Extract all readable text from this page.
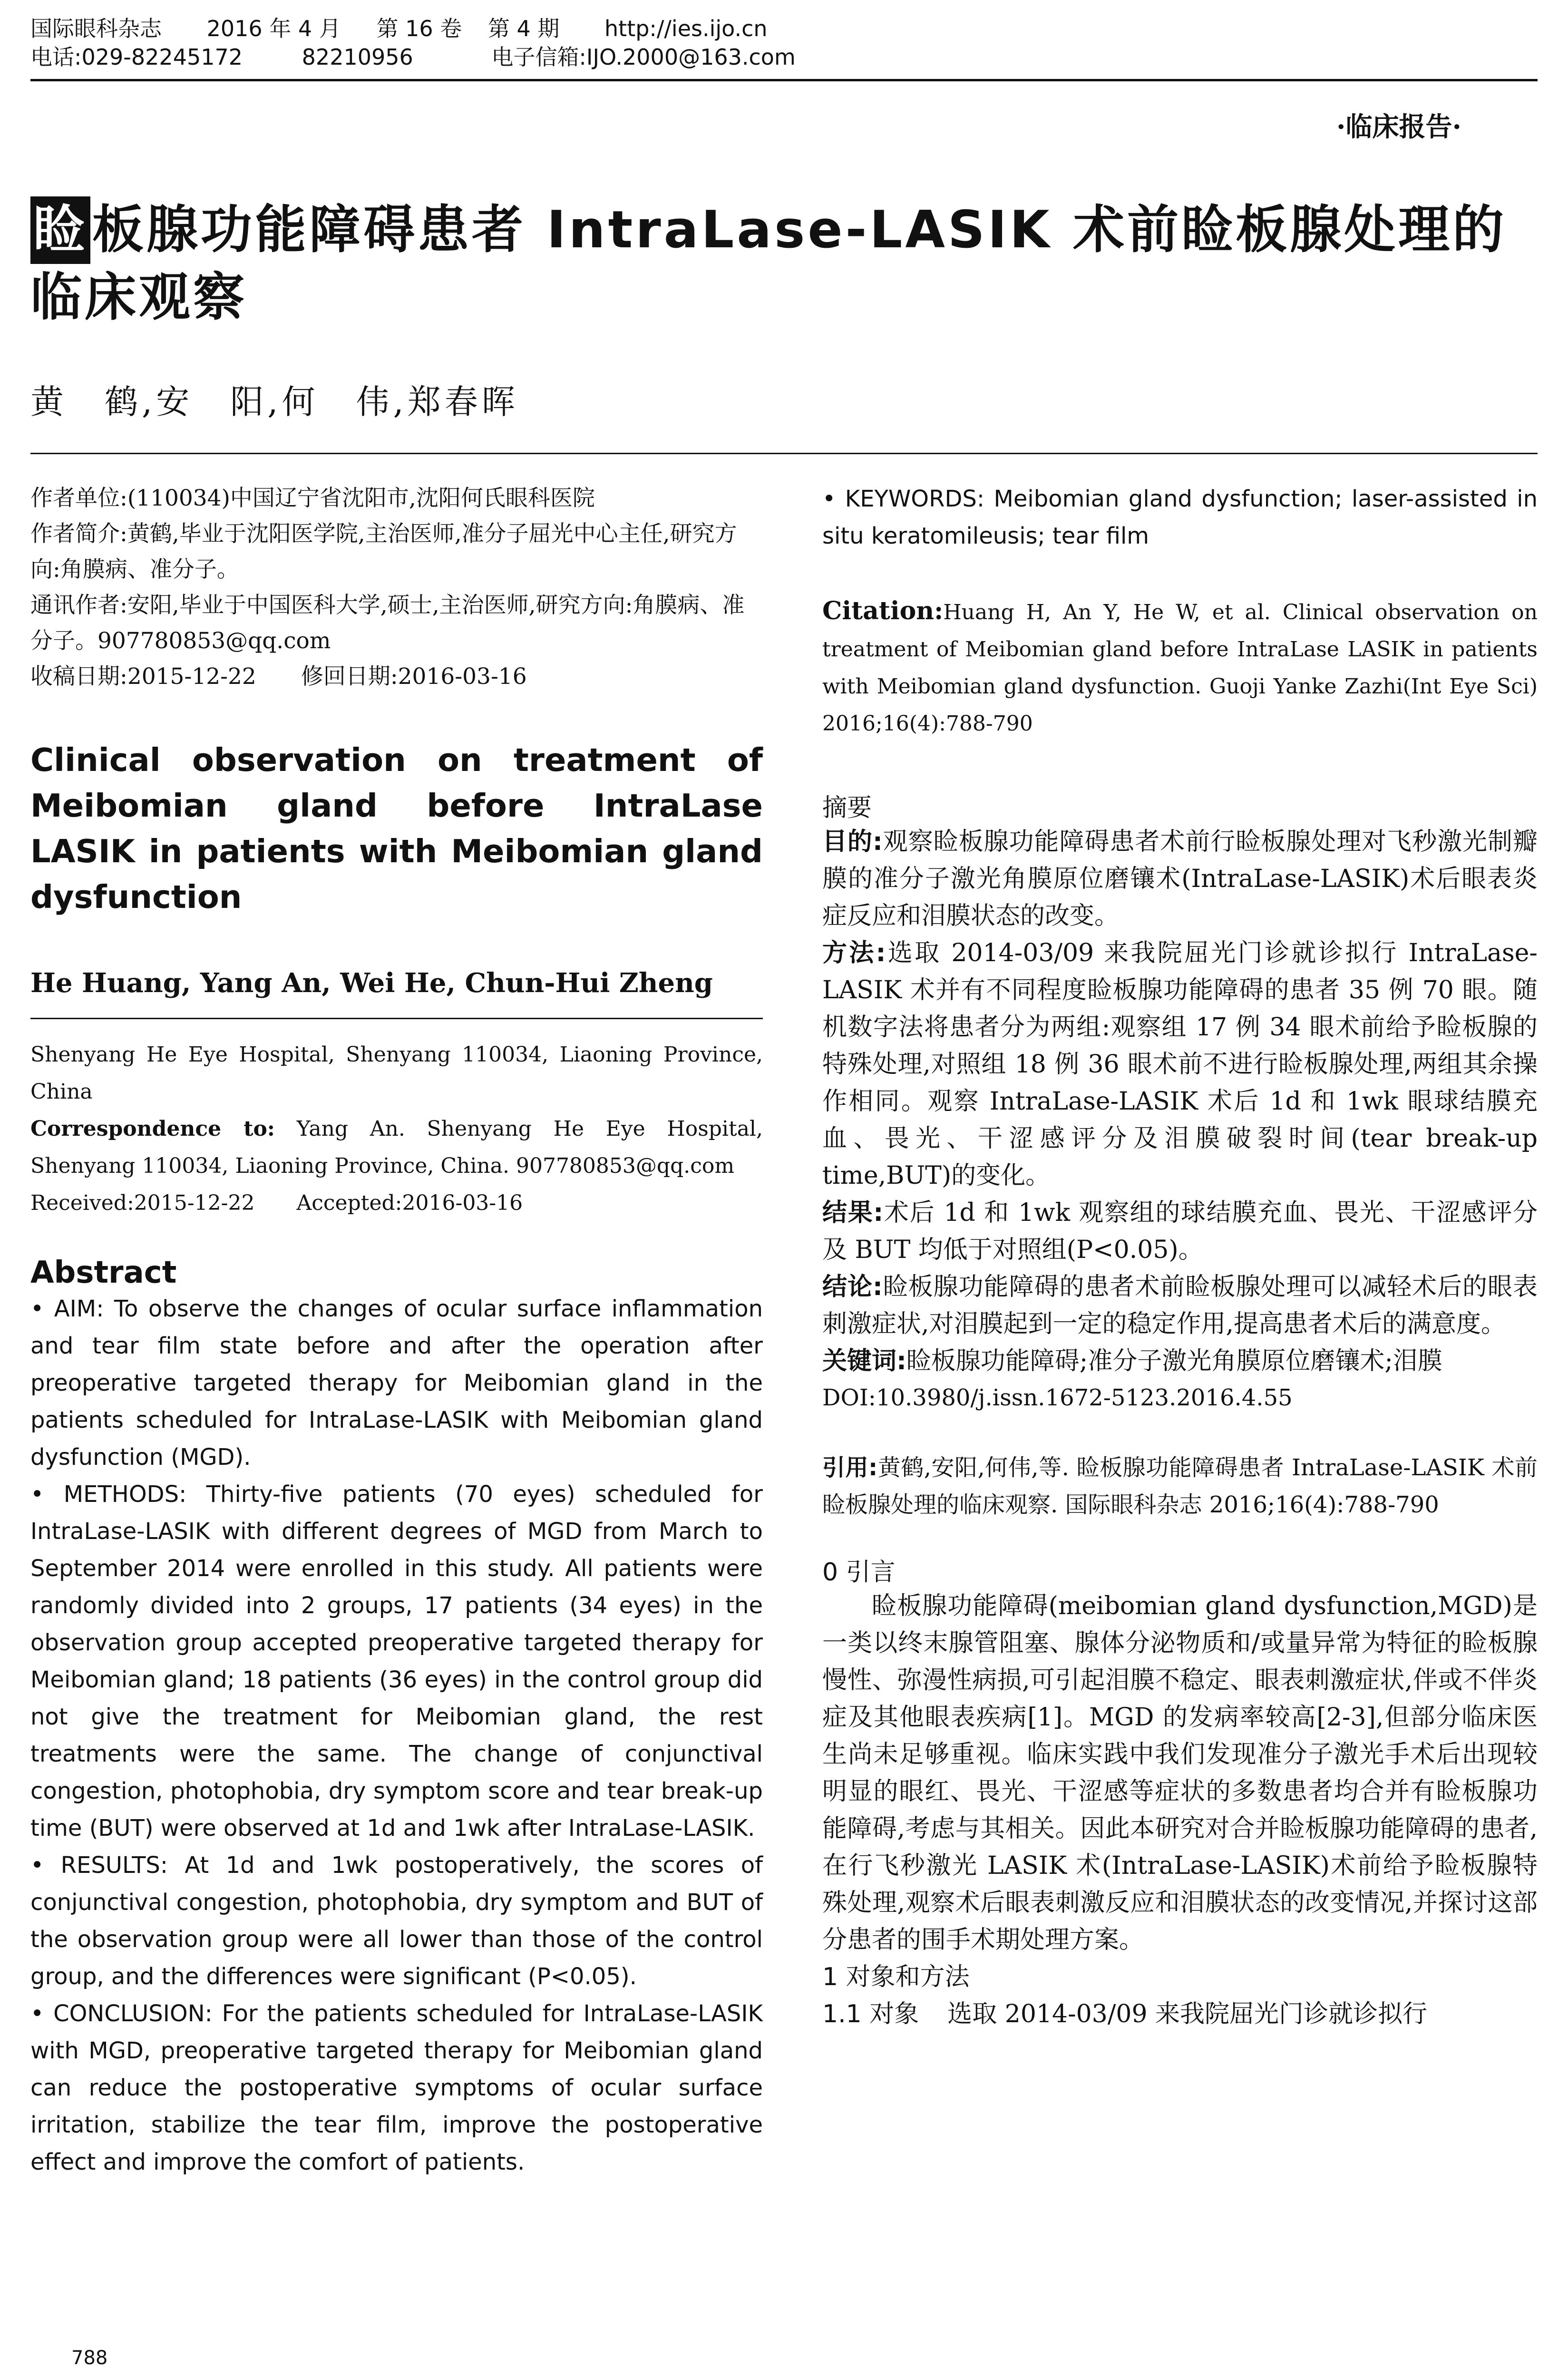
国际眼科杂志 2016 年 4 月 第 16 卷 第 4 期 http://ies.ijo.cn
电话:029-82245172	82210956	电子信箱:IJO.2000@163.com
·临床报告·
睑板腺功能障碍患者 IntraLase-LASIK 术前睑板腺处理的临床观察
黄　鹤,安　阳,何　伟,郑春晖
作者单位:(110034)中国辽宁省沈阳市,沈阳何氏眼科医院
作者简介:黄鹤,毕业于沈阳医学院,主治医师,准分子屈光中心主任,研究方向:角膜病、准分子。
通讯作者:安阳,毕业于中国医科大学,硕士,主治医师,研究方向:角膜病、准分子。907780853@qq.com
收稿日期:2015-12-22　　修回日期:2016-03-16
Clinical observation on treatment of Meibomian gland before IntraLase LASIK in patients with Meibomian gland dysfunction
He Huang, Yang An, Wei He, Chun-Hui Zheng
Shenyang He Eye Hospital, Shenyang 110034, Liaoning Province, China
Correspondence to: Yang An. Shenyang He Eye Hospital, Shenyang 110034, Liaoning Province, China. 907780853@qq.com
Received:2015-12-22　　Accepted:2016-03-16
Abstract

• AIM: To observe the changes of ocular surface inflammation and tear film state before and after the operation after preoperative targeted therapy for Meibomian gland in the patients scheduled for IntraLase-LASIK with Meibomian gland dysfunction (MGD).

• METHODS: Thirty-five patients (70 eyes) scheduled for IntraLase-LASIK with different degrees of MGD from March to September 2014 were enrolled in this study. All patients were randomly divided into 2 groups, 17 patients (34 eyes) in the observation group accepted preoperative targeted therapy for Meibomian gland; 18 patients (36 eyes) in the control group did not give the treatment for Meibomian gland, the rest treatments were the same. The change of conjunctival congestion, photophobia, dry symptom score and tear break-up time (BUT) were observed at 1d and 1wk after IntraLase-LASIK.

• RESULTS: At 1d and 1wk postoperatively, the scores of conjunctival congestion, photophobia, dry symptom and BUT of the observation group were all lower than those of the control group, and the differences were significant (P<0.05).

• CONCLUSION: For the patients scheduled for IntraLase-LASIK with MGD, preoperative targeted therapy for Meibomian gland can reduce the postoperative symptoms of ocular surface irritation, stabilize the tear film, improve the postoperative effect and improve the comfort of patients.

• KEYWORDS: Meibomian gland dysfunction; laser-assisted in situ keratomileusis; tear film
Citation:Huang H, An Y, He W, et al. Clinical observation on treatment of Meibomian gland before IntraLase LASIK in patients with Meibomian gland dysfunction. Guoji Yanke Zazhi(Int Eye Sci) 2016;16(4):788-790
摘要

目的:观察睑板腺功能障碍患者术前行睑板腺处理对飞秒激光制瓣膜的准分子激光角膜原位磨镶术(IntraLase-LASIK)术后眼表炎症反应和泪膜状态的改变。

方法:选取 2014-03/09 来我院屈光门诊就诊拟行 IntraLase-LASIK 术并有不同程度睑板腺功能障碍的患者 35 例 70 眼。随机数字法将患者分为两组:观察组 17 例 34 眼术前给予睑板腺的特殊处理,对照组 18 例 36 眼术前不进行睑板腺处理,两组其余操作相同。观察 IntraLase-LASIK 术后 1d 和 1wk 眼球结膜充血、畏光、干涩感评分及泪膜破裂时间(tear break-up time,BUT)的变化。

结果:术后 1d 和 1wk 观察组的球结膜充血、畏光、干涩感评分及 BUT 均低于对照组(P<0.05)。

结论:睑板腺功能障碍的患者术前睑板腺处理可以减轻术后的眼表刺激症状,对泪膜起到一定的稳定作用,提高患者术后的满意度。

关键词:睑板腺功能障碍;准分子激光角膜原位磨镶术;泪膜

DOI:10.3980/j.issn.1672-5123.2016.4.55
引用:黄鹤,安阳,何伟,等. 睑板腺功能障碍患者 IntraLase-LASIK 术前睑板腺处理的临床观察. 国际眼科杂志 2016;16(4):788-790
0 引言

睑板腺功能障碍(meibomian gland dysfunction,MGD)是一类以终末腺管阻塞、腺体分泌物质和/或量异常为特征的睑板腺慢性、弥漫性病损,可引起泪膜不稳定、眼表刺激症状,伴或不伴炎症及其他眼表疾病[1]。MGD 的发病率较高[2-3],但部分临床医生尚未足够重视。临床实践中我们发现准分子激光手术后出现较明显的眼红、畏光、干涩感等症状的多数患者均合并有睑板腺功能障碍,考虑与其相关。因此本研究对合并睑板腺功能障碍的患者,在行飞秒激光 LASIK 术(IntraLase-LASIK)术前给予睑板腺特殊处理,观察术后眼表刺激反应和泪膜状态的改变情况,并探讨这部分患者的围手术期处理方案。

1 对象和方法
1.1 对象 选取 2014-03/09 来我院屈光门诊就诊拟行
788
